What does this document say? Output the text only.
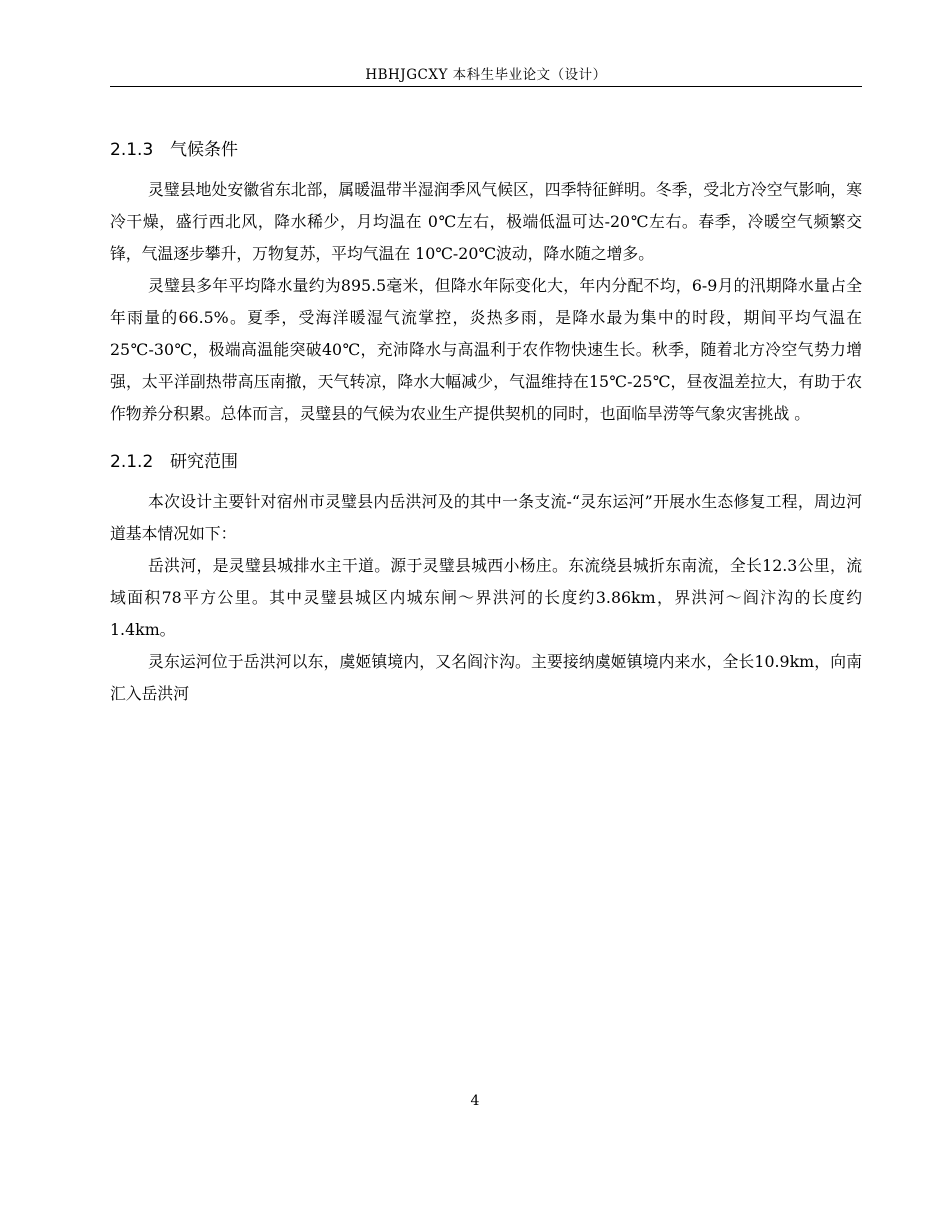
HBHJGCXY 本科生毕业论文（设计）
2.1.3 气候条件

灵璧县地处安徽省东北部，属暖温带半湿润季风气候区，四季特征鲜明。冬季，受北方冷空气影响，寒冷干燥，盛行西北风，降水稀少，月均温在 0℃左右，极端低温可达-20℃左右。春季，冷暖空气频繁交锋，气温逐步攀升，万物复苏，平均气温在 10℃-20℃波动，降水随之增多。

灵璧县多年平均降水量约为895.5毫米，但降水年际变化大，年内分配不均，6-9月的汛期降水量占全年雨量的66.5%。夏季，受海洋暖湿气流掌控，炎热多雨，是降水最为集中的时段，期间平均气温在25℃-30℃，极端高温能突破40℃，充沛降水与高温利于农作物快速生长。秋季，随着北方冷空气势力增强，太平洋副热带高压南撤，天气转凉，降水大幅减少，气温维持在15℃-25℃，昼夜温差拉大，有助于农作物养分积累。总体而言，灵璧县的气候为农业生产提供契机的同时，也面临旱涝等气象灾害挑战 。

2.1.2 研究范围

本次设计主要针对宿州市灵璧县内岳洪河及的其中一条支流-“灵东运河”开展水生态修复工程，周边河道基本情况如下：

岳洪河，是灵璧县城排水主干道。源于灵璧县城西小杨庄。东流绕县城折东南流，全长12.3公里，流域面积78平方公里。其中灵璧县城区内城东闸～界洪河的长度约3.86km，界洪河～阎汴沟的长度约1.4km。

灵东运河位于岳洪河以东，虞姬镇境内，又名阎汴沟。主要接纳虞姬镇境内来水，全长10.9km，向南汇入岳洪河

4
